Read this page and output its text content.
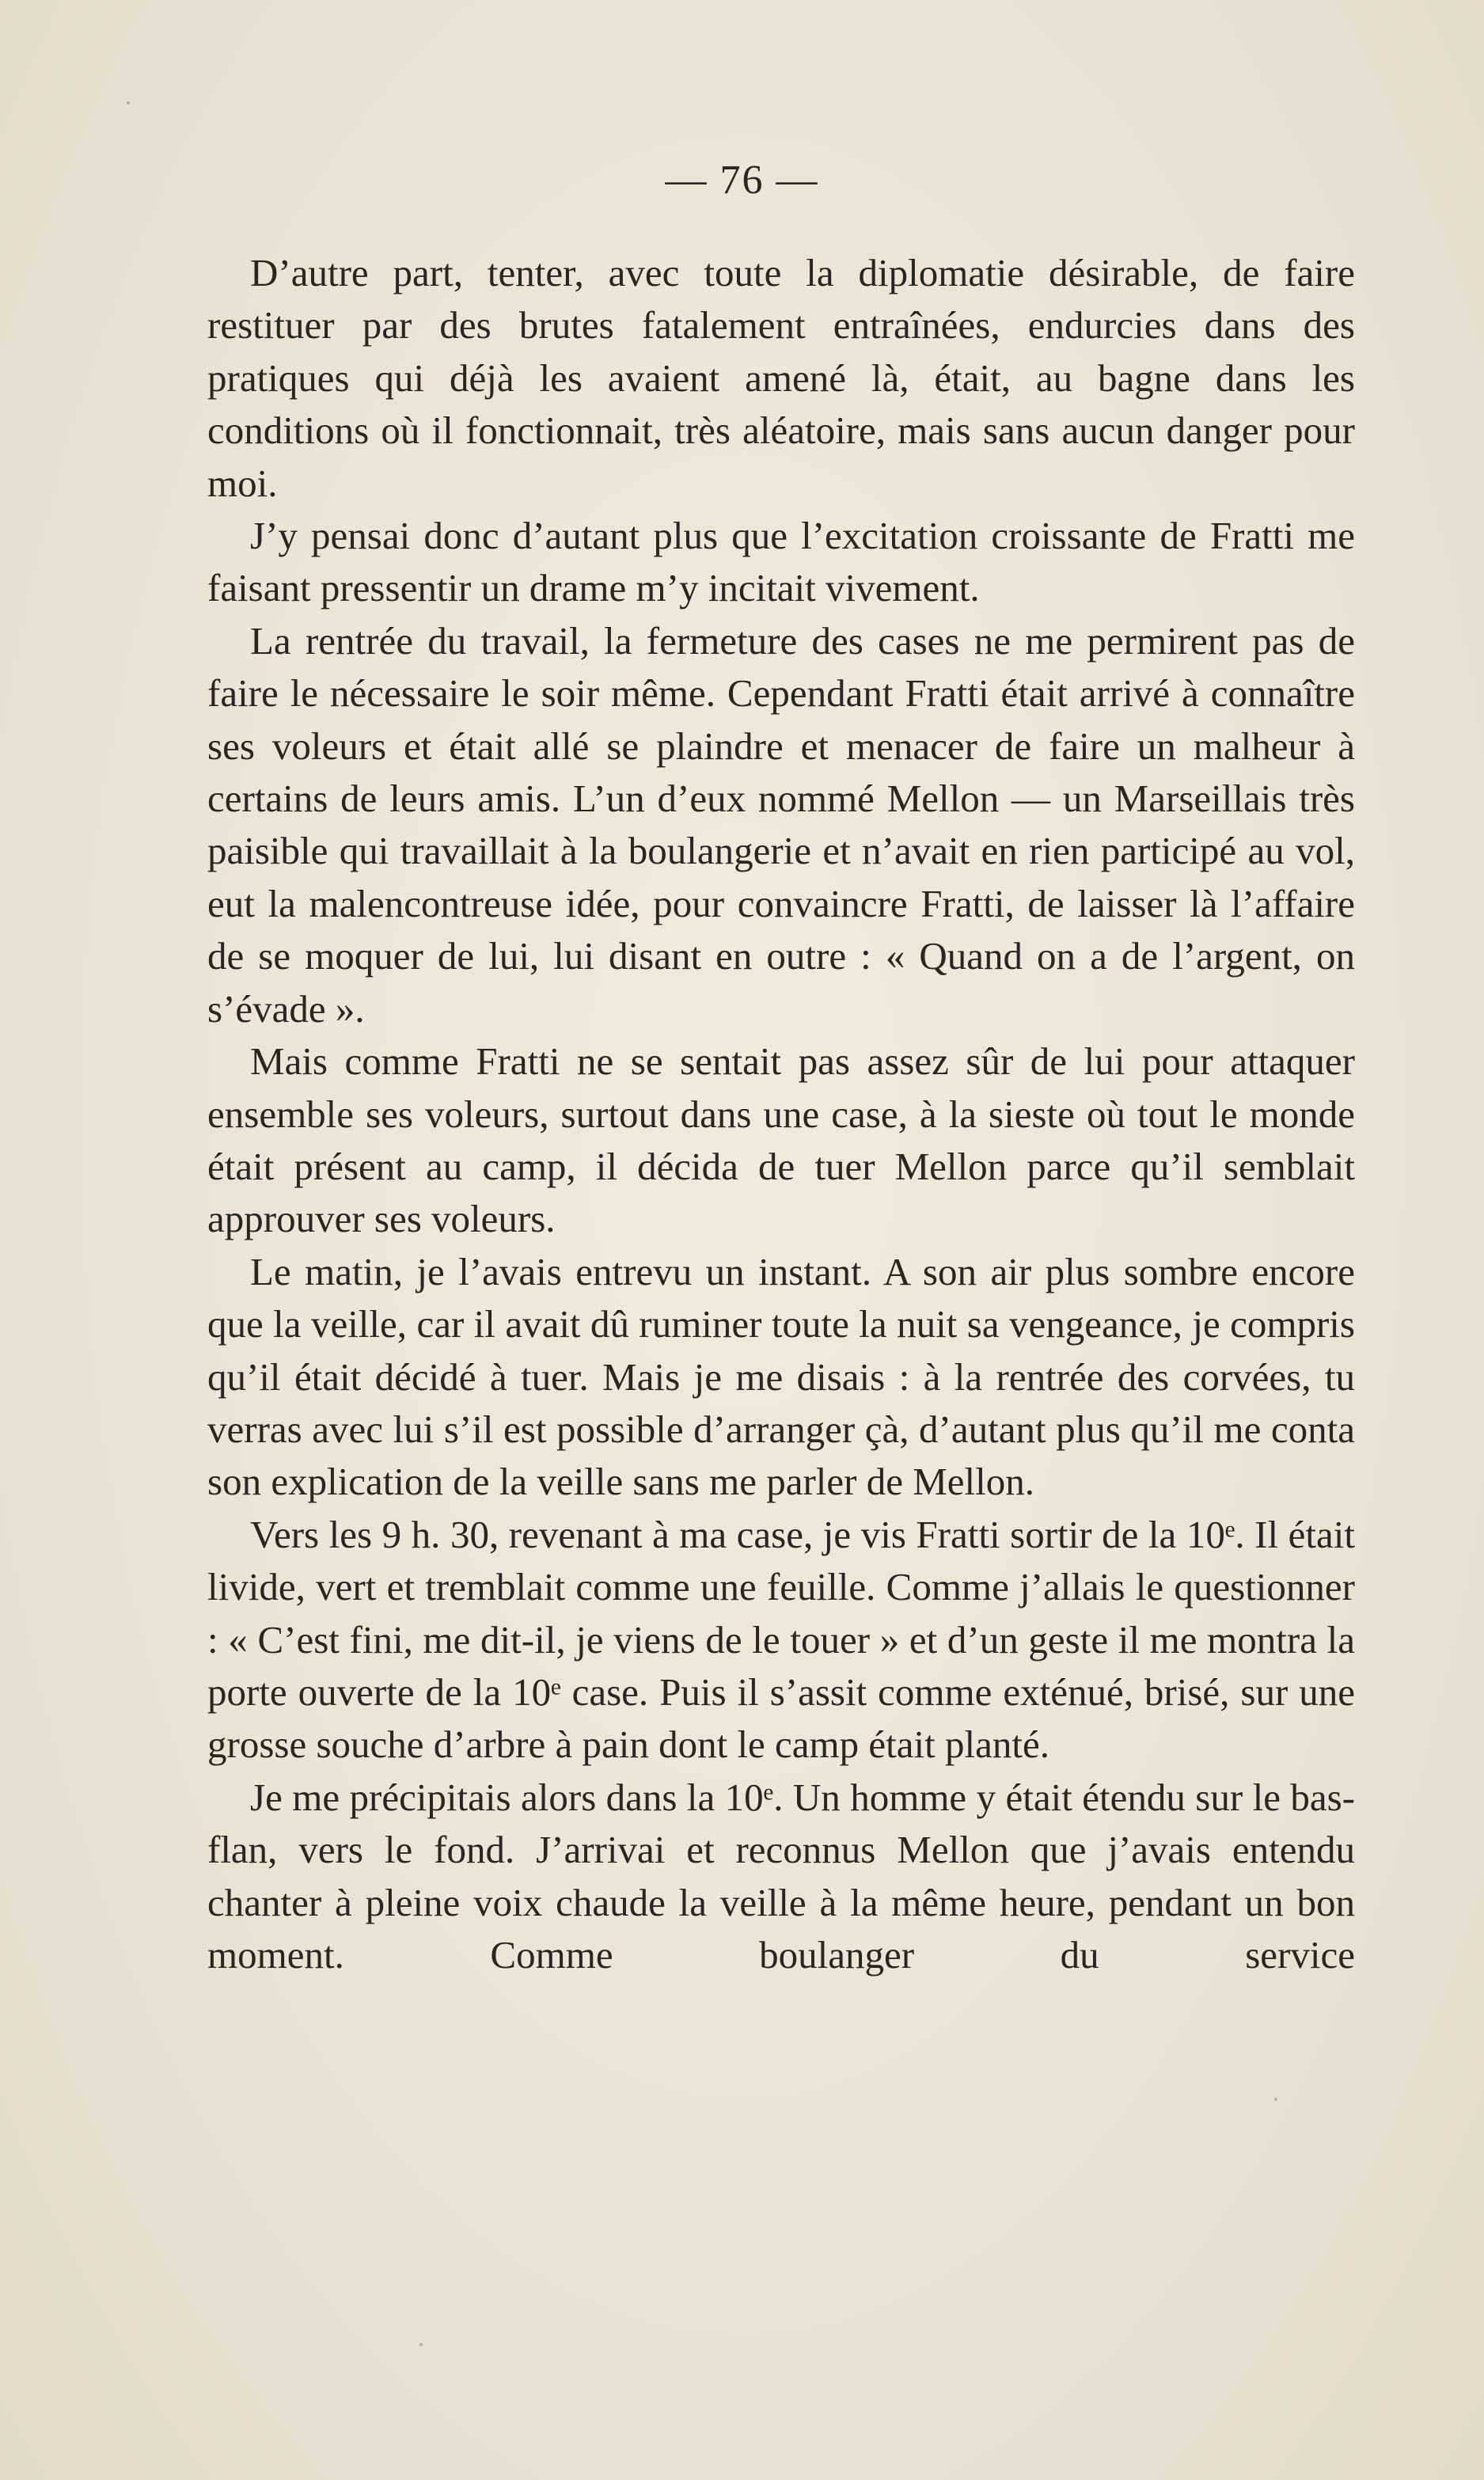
— 76 —

D’autre part, tenter, avec toute la diplomatie désirable, de faire restituer par des brutes fatalement entraînées, endurcies dans des pratiques qui déjà les avaient amené là, était, au bagne dans les conditions où il fonctionnait, très aléatoire, mais sans aucun danger pour moi.

J’y pensai donc d’autant plus que l’excitation croissante de Fratti me faisant pressentir un drame m’y incitait vivement.

La rentrée du travail, la fermeture des cases ne me permirent pas de faire le nécessaire le soir même. Cependant Fratti était arrivé à connaître ses voleurs et était allé se plaindre et menacer de faire un malheur à certains de leurs amis. L’un d’eux nommé Mellon — un Marseillais très paisible qui travaillait à la boulangerie et n’avait en rien participé au vol, eut la malencontreuse idée, pour convaincre Fratti, de laisser là l’affaire de se moquer de lui, lui disant en outre : « Quand on a de l’argent, on s’évade ».

Mais comme Fratti ne se sentait pas assez sûr de lui pour attaquer ensemble ses voleurs, surtout dans une case, à la sieste où tout le monde était présent au camp, il décida de tuer Mellon parce qu’il semblait approuver ses voleurs.

Le matin, je l’avais entrevu un instant. A son air plus sombre encore que la veille, car il avait dû ruminer toute la nuit sa vengeance, je compris qu’il était décidé à tuer. Mais je me disais : à la rentrée des corvées, tu verras avec lui s’il est possible d’arranger çà, d’autant plus qu’il me conta son explication de la veille sans me parler de Mellon.

Vers les 9 h. 30, revenant à ma case, je vis Fratti sortir de la 10ᵉ. Il était livide, vert et tremblait comme une feuille. Comme j’allais le questionner : « C’est fini, me dit-il, je viens de le touer » et d’un geste il me montra la porte ouverte de la 10ᵉ case. Puis il s’assit comme exténué, brisé, sur une grosse souche d’arbre à pain dont le camp était planté.

Je me précipitais alors dans la 10ᵉ. Un homme y était étendu sur le bas-flan, vers le fond. J’arrivai et reconnus Mellon que j’avais entendu chanter à pleine voix chaude la veille à la même heure, pendant un bon moment. Comme boulanger du service
